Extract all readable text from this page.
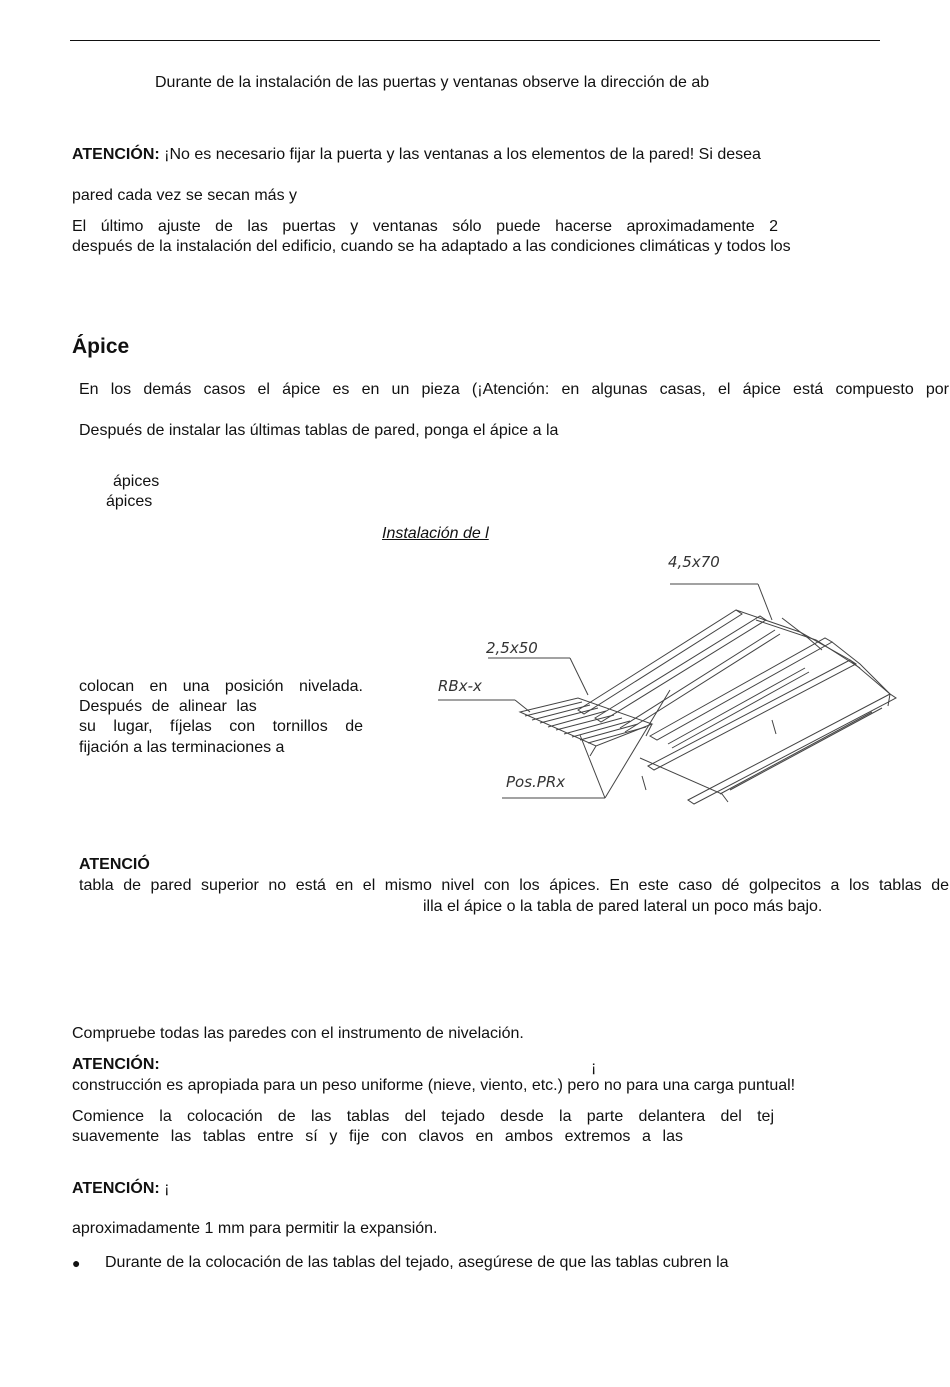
Durante de la instalación de las puertas y ventanas observe la dirección de ab
ATENCIÓN: ¡No es necesario fijar la puerta y las ventanas a los elementos de la pared! Si desea
pared cada vez se secan más y
El último ajuste de las puertas y ventanas sólo puede hacerse aproximadamente 2
después de la instalación del edificio, cuando se ha adaptado a las condiciones climáticas y todos los
Ápice
En los demás casos el ápice es en un pieza (¡Atención: en algunas casas, el ápice está compuesto por
Después de instalar las últimas tablas de pared, ponga el ápice a la
ápices
ápices
Instalación de l
colocan en una posición nivelada.
Después de alinear las
su lugar, fíjelas con tornillos de
fijación a las terminaciones a
4,5x70
2,5x50
RBx-x
Pos.PRx
ATENCIÓ
tabla de pared superior no está en el mismo nivel con los ápices. En este caso dé golpecitos a los tablas de
illa el ápice o la tabla de pared lateral un poco más bajo.
Compruebe todas las paredes con el instrumento de nivelación.
ATENCIÓN:	¡
construcción es apropiada para un peso uniforme (nieve, viento, etc.) pero no para una carga puntual!
Comience la colocación de las tablas del tejado desde la parte delantera del tej
suavemente las tablas entre sí y fije con clavos en ambos extremos a las
ATENCIÓN: ¡
aproximadamente 1 mm para permitir la expansión.
● Durante de la colocación de las tablas del tejado, asegúrese de que las tablas cubren la
